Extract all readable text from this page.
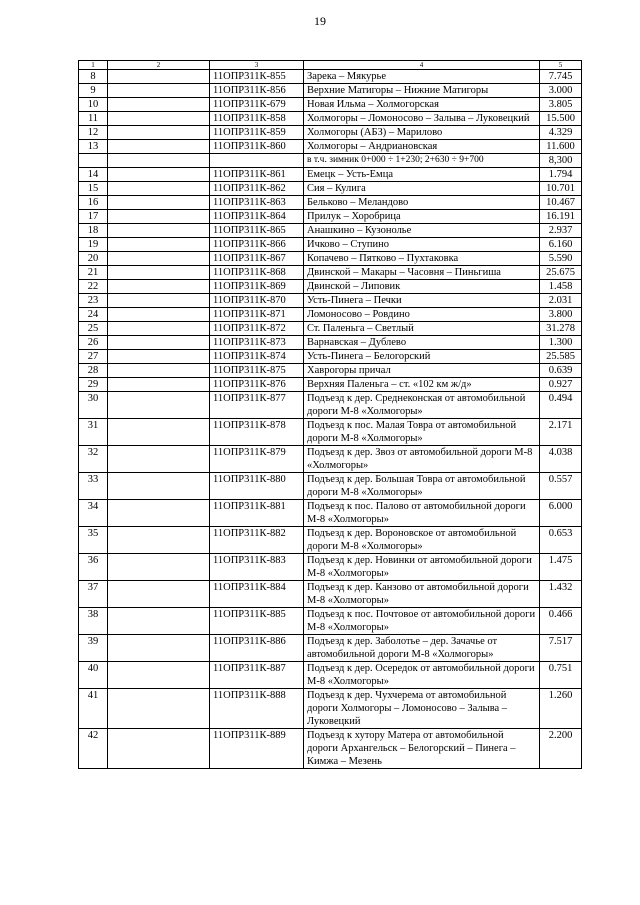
19
1	2	3	4	5
8		11ОПР311К-855	Зарека – Мякурье	7.745
9		11ОПР311К-856	Верхние Матигоры – Нижние Матигоры	3.000
10		11ОПР311К-679	Новая Ильма – Холмогорская	3.805
11		11ОПР311К-858	Холмогоры – Ломоносово – Залыва – Луковецкий	15.500
12		11ОПР311К-859	Холмогоры (АБЗ) – Марилово	4.329
13		11ОПР311К-860	Холмогоры – Андриановская	11.600
			в т.ч. зимник 0+000 ÷ 1+230; 2+630 ÷ 9+700	8,300
14		11ОПР311К-861	Емецк – Усть-Емца	1.794
15		11ОПР311К-862	Сия – Кулига	10.701
16		11ОПР311К-863	Бельково – Меландово	10.467
17		11ОПР311К-864	Прилук – Хоробрица	16.191
18		11ОПР311К-865	Анашкино – Кузонолье	2.937
19		11ОПР311К-866	Ичково – Ступино	6.160
20		11ОПР311К-867	Копачево – Пятково – Пухтаковка	5.590
21		11ОПР311К-868	Двинской – Макары – Часовня – Пиньгиша	25.675
22		11ОПР311К-869	Двинской – Липовик	1.458
23		11ОПР311К-870	Усть-Пинега – Печки	2.031
24		11ОПР311К-871	Ломоносово – Ровдино	3.800
25		11ОПР311К-872	Ст. Паленьга – Светлый	31.278
26		11ОПР311К-873	Варнавская – Дублево	1.300
27		11ОПР311К-874	Усть-Пинега – Белогорский	25.585
28		11ОПР311К-875	Хаврогоры причал	0.639
29		11ОПР311К-876	Верхняя Паленьга – ст. «102 км ж/д»	0.927
30		11ОПР311К-877	Подъезд к дер. Среднеконская от автомобильной дороги М-8 «Холмогоры»	0.494
31		11ОПР311К-878	Подъезд к пос. Малая Товра от автомобильной дороги М-8 «Холмогоры»	2.171
32		11ОПР311К-879	Подъезд к дер. Звоз от автомобильной дороги М-8 «Холмогоры»	4.038
33		11ОПР311К-880	Подъезд к дер. Большая Товра от автомобильной дороги М-8 «Холмогоры»	0.557
34		11ОПР311К-881	Подъезд к пос. Палово от автомобильной дороги М-8 «Холмогоры»	6.000
35		11ОПР311К-882	Подъезд к дер. Вороновское от автомобильной дороги М-8 «Холмогоры»	0.653
36		11ОПР311К-883	Подъезд к дер. Новинки от автомобильной дороги М-8 «Холмогоры»	1.475
37		11ОПР311К-884	Подъезд к дер. Канзово от автомобильной дороги М-8 «Холмогоры»	1.432
38		11ОПР311К-885	Подъезд к пос. Почтовое от автомобильной дороги М-8 «Холмогоры»	0.466
39		11ОПР311К-886	Подъезд к дер. Заболотье – дер. Зачачье от автомобильной дороги М-8 «Холмогоры»	7.517
40		11ОПР311К-887	Подъезд к дер. Осередок от автомобильной дороги М-8 «Холмогоры»	0.751
41		11ОПР311К-888	Подъезд к дер. Чухчерема от автомобильной дороги Холмогоры – Ломоносово – Залыва – Луковецкий	1.260
42		11ОПР311К-889	Подъезд к хутору Матера от автомобильной дороги Архангельск – Белогорский – Пинега – Кимжа – Мезень	2.200
